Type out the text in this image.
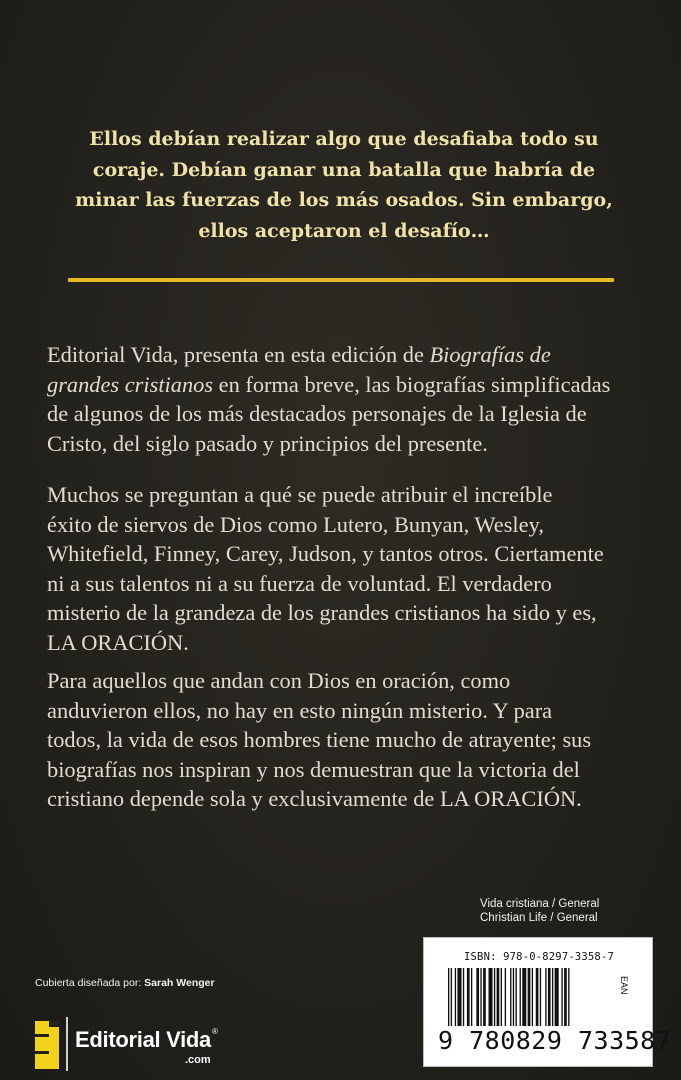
Ellos debían realizar algo que desafiaba todo su
coraje. Debían ganar una batalla que habría de
minar las fuerzas de los más osados. Sin embargo,
ellos aceptaron el desafío…
Editorial Vida, presenta en esta edición de Biografías de
grandes cristianos en forma breve, las biografías simplificadas
de algunos de los más destacados personajes de la Iglesia de
Cristo, del siglo pasado y principios del presente.
Muchos se preguntan a qué se puede atribuir el increíble
éxito de siervos de Dios como Lutero, Bunyan, Wesley,
Whitefield, Finney, Carey, Judson, y tantos otros. Ciertamente
ni a sus talentos ni a su fuerza de voluntad. El verdadero
misterio de la grandeza de los grandes cristianos ha sido y es,
LA ORACIÓN.
Para aquellos que andan con Dios en oración, como
anduvieron ellos, no hay en esto ningún misterio. Y para
todos, la vida de esos hombres tiene mucho de atrayente; sus
biografías nos inspiran y nos demuestran que la victoria del
cristiano depende sola y exclusivamente de LA ORACIÓN.
Vida cristiana / General
Christian Life / General
ISBN: 978-0-8297-3358-7
EAN
9 780829 733587
Cubierta diseñada por: Sarah Wenger
Editorial Vida®
.com
